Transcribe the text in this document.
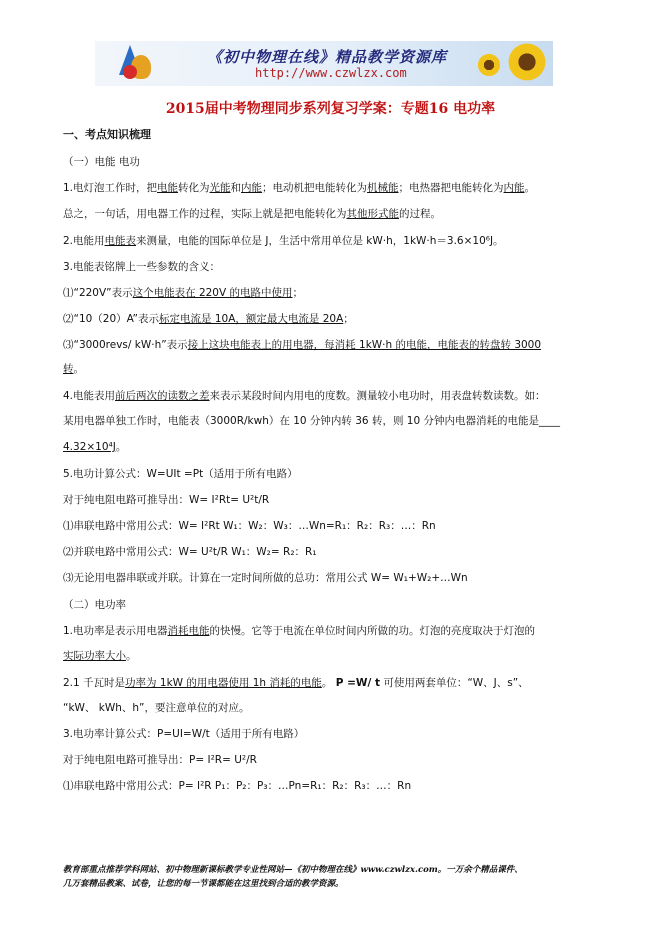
《初中物理在线》精品教学资源库
http://www.czwlzx.com
2015届中考物理同步系列复习学案：专题16 电功率
一、考点知识梳理
（一）电能 电功
1.电灯泡工作时，把电能转化为光能和内能；电动机把电能转化为机械能；电热器把电能转化为内能。
总之，一句话，用电器工作的过程，实际上就是把电能转化为其他形式能的过程。
2.电能用电能表来测量，电能的国际单位是 J，生活中常用单位是 kW·h，1kW·h＝3.6×10⁶J。
3.电能表铭牌上一些参数的含义：
⑴“220V”表示这个电能表在 220V 的电路中使用；
⑵“10（20）A”表示标定电流是 10A，额定最大电流是 20A；
⑶“3000revs/ kW·h”表示接上这块电能表上的用电器，每消耗 1kW·h 的电能，电能表的转盘转 3000
转。
4.电能表用前后两次的读数之差来表示某段时间内用电的度数。测量较小电功时，用表盘转数读数。如：
某用电器单独工作时，电能表（3000R/kwh）在 10 分钟内转 36 转，则 10 分钟内电器消耗的电能是____
4.32×10⁴J。
5.电功计算公式：W=UIt =Pt（适用于所有电路）
对于纯电阻电路可推导出：W= I²Rt= U²t/R
⑴串联电路中常用公式：W= I²Rt W₁：W₂：W₃：…Wn=R₁：R₂：R₃：…：Rn
⑵并联电路中常用公式：W= U²t/R W₁：W₂= R₂：R₁
⑶无论用电器串联或并联。计算在一定时间所做的总功：常用公式 W= W₁+W₂+…Wn
（二）电功率
1.电功率是表示用电器消耗电能的快慢。它等于电流在单位时间内所做的功。灯泡的亮度取决于灯泡的
实际功率大小。
2.1 千瓦时是功率为 1kW 的用电器使用 1h 消耗的电能。 P =W/ t 可使用两套单位：“W、J、s”、
“kW、 kWh、h”，要注意单位的对应。
3.电功率计算公式：P=UI=W/t（适用于所有电路）
对于纯电阻电路可推导出：P= I²R= U²/R
⑴串联电路中常用公式：P= I²R P₁：P₂：P₃：…Pn=R₁：R₂：R₃：…：Rn
教育部重点推荐学科网站、初中物理新课标教学专业性网站—《初中物理在线》www.czwlzx.com。一万余个精品课件、
几万套精品教案、试卷，让您的每一节课都能在这里找到合适的教学资源。
